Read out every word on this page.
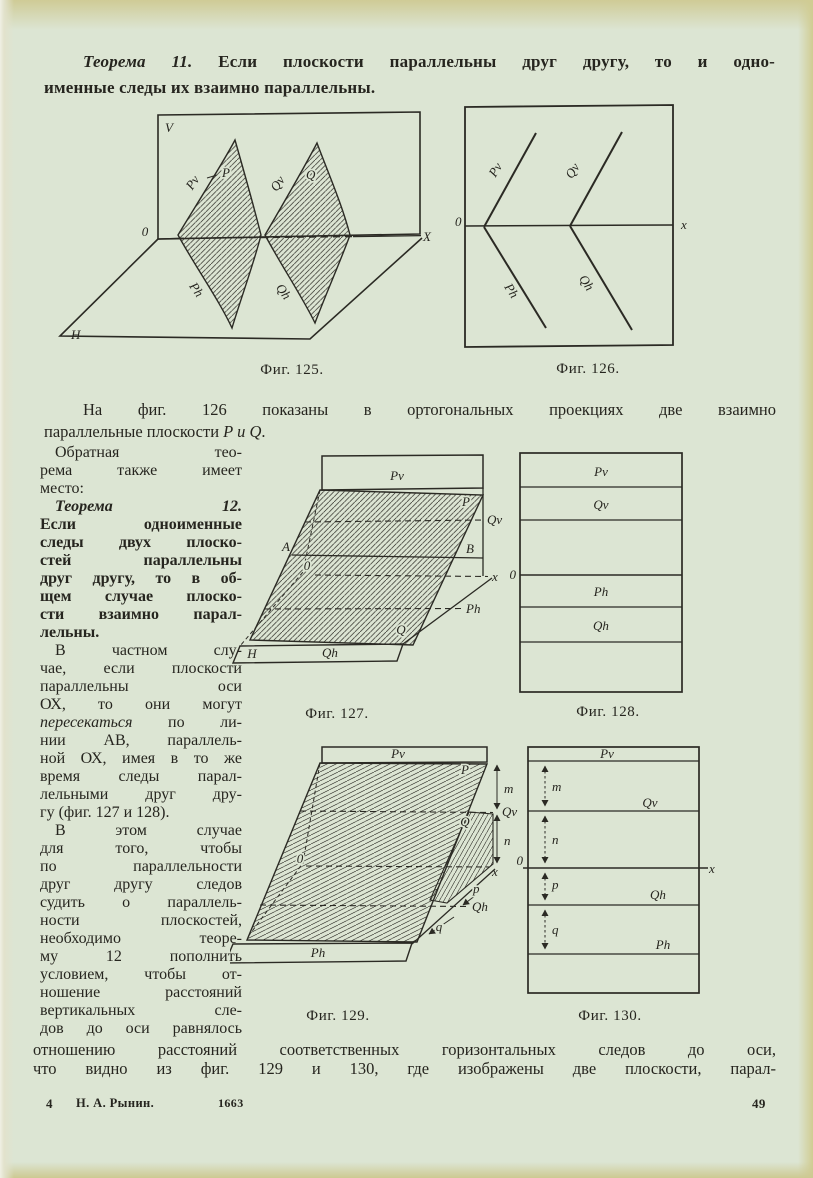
Теорема 11. Если плоскости параллельны друг другу, то и одно-
именные следы их взаимно параллельны.
V
0	X
H
Pv P
Qv Q
Ph	Qh
Фиг. 125.
0	x
Pv	Qv
Ph	Qh
Фиг. 126.
На фиг. 126 показаны в ортогональных проекциях две взаимно
параллельные плоскости P и Q.
Обратная тео-
рема также имеет
место:
Теорема 12.
Если одноименные
следы двух плоско-
стей параллельны
друг другу, то в об-
щем случае плоско-
сти взаимно парал-
лельны.
В частном слу-
чае, если плоскости
параллельны оси
ОХ, то они могут
пересекаться по ли-
нии АВ, параллель-
ной ОХ, имея в то же
время следы парал-
лельными друг дру-
гу (фиг. 127 и 128).
В этом случае
для того, чтобы
по параллельности
друг другу следов
судить о параллель-
ности плоскостей,
необходимо теоре-
му 12 пополнить
условием, чтобы от-
ношение расстояний
вертикальных сле-
дов до оси равнялось
Pv
P
Qv
A	B
0
x
Ph
Q
H	Qh
Фиг. 127.
Pv
Qv
Ph
Qh
0
Фиг. 128.
Pv
P
m
Qv
Q
n
0
x
p
Qh
q
Ph
Фиг. 129.
Pv
m
Qv
n
0
x
p
Qh
q
Ph
Фиг. 130.
отношению расстояний соответственных горизонтальных следов до оси,
что видно из фиг. 129 и 130, где изображены две плоскости, парал-
4 Н. А. Рынин.	1663	49
